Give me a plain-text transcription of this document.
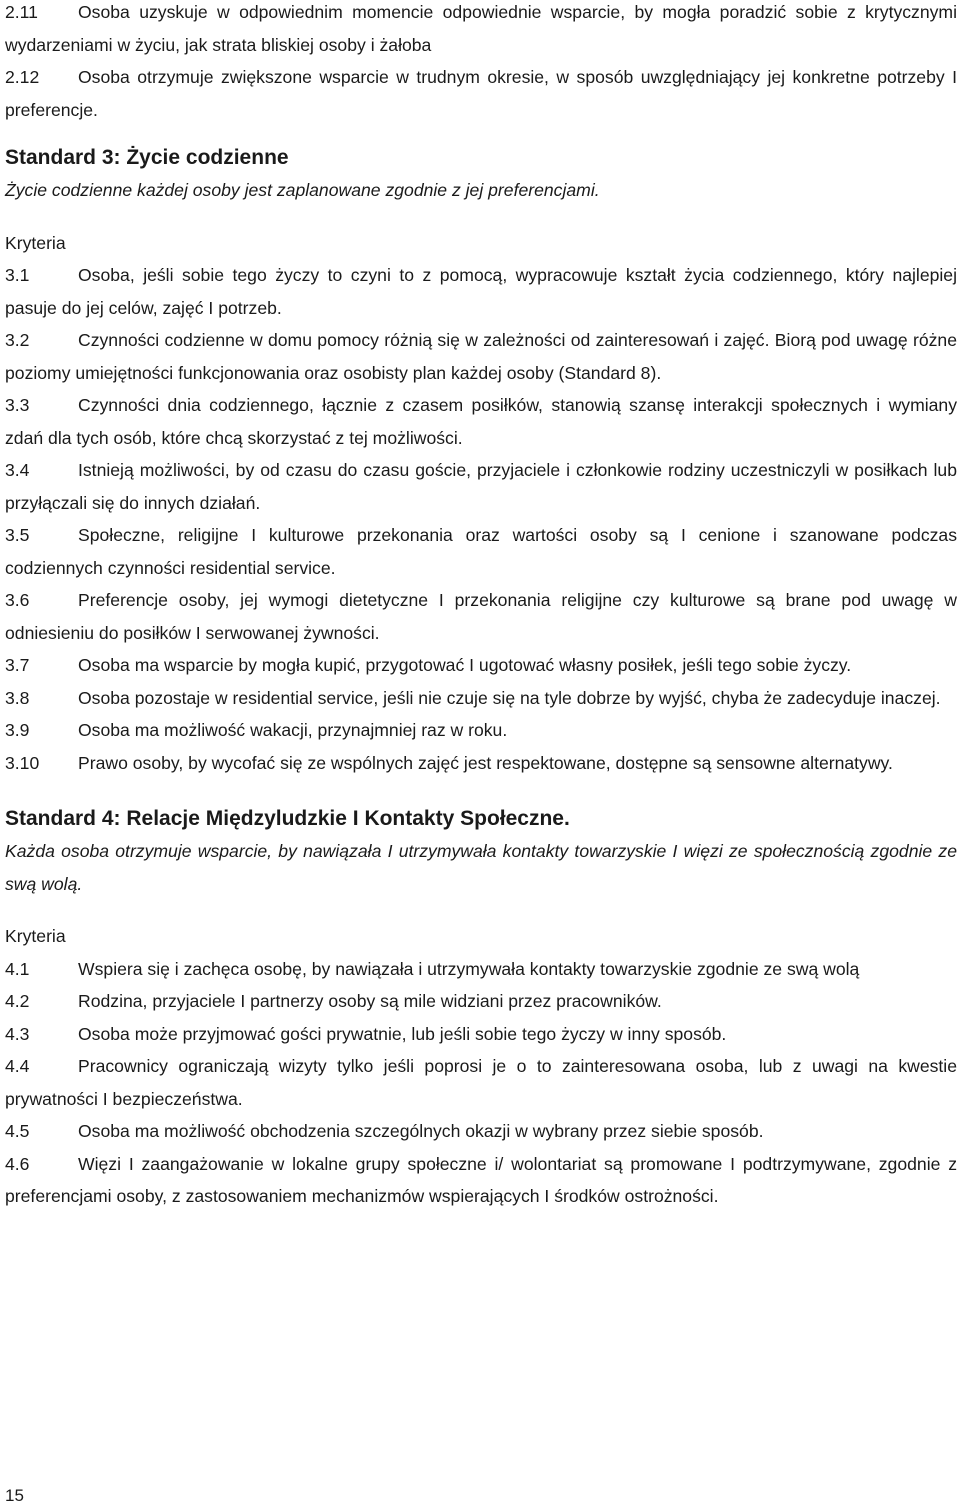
2.11 Osoba uzyskuje w odpowiednim momencie odpowiednie wsparcie, by mogła poradzić sobie z krytycznymi wydarzeniami w życiu, jak strata bliskiej osoby i żałoba

2.12 Osoba otrzymuje zwiększone wsparcie w trudnym okresie, w sposób uwzględniający jej konkretne potrzeby I preferencje.

Standard 3: Życie codzienne

Życie codzienne każdej osoby jest zaplanowane zgodnie z jej preferencjami.

Kryteria

3.1	Osoba, jeśli sobie tego życzy to czyni to z pomocą, wypracowuje kształt życia codziennego, który najlepiej pasuje do jej celów, zajęć I potrzeb.

3.2	Czynności codzienne w domu pomocy różnią się w zależności od zainteresowań i zajęć. Biorą pod uwagę różne poziomy umiejętności funkcjonowania oraz osobisty plan każdej osoby (Standard 8).

3.3	Czynności dnia codziennego, łącznie z czasem posiłków, stanowią szansę interakcji społecznych i wymiany zdań dla tych osób, które chcą skorzystać z tej możliwości.

3.4	Istnieją możliwości, by od czasu do czasu goście, przyjaciele i członkowie rodziny uczestniczyli w posiłkach lub przyłączali się do innych działań.

3.5	Społeczne, religijne I kulturowe przekonania oraz wartości osoby są I cenione i szanowane podczas codziennych czynności residential service.

3.6	Preferencje osoby, jej wymogi dietetyczne I przekonania religijne czy kulturowe są brane pod uwagę w odniesieniu do posiłków I serwowanej żywności.

3.7	Osoba ma wsparcie by mogła kupić, przygotować I ugotować własny posiłek, jeśli tego sobie życzy.

3.8	Osoba pozostaje w residential service, jeśli nie czuje się na tyle dobrze by wyjść, chyba że zadecyduje inaczej.

3.9	Osoba ma możliwość wakacji, przynajmniej raz w roku.

3.10 Prawo osoby, by wycofać się ze wspólnych zajęć jest respektowane, dostępne są sensowne alternatywy.

Standard 4: Relacje Międzyludzkie I Kontakty Społeczne.

Każda osoba otrzymuje wsparcie, by nawiązała I utrzymywała kontakty towarzyskie I więzi ze społecznością zgodnie ze swą wolą.

Kryteria

4.1	Wspiera się i zachęca osobę, by nawiązała i utrzymywała kontakty towarzyskie zgodnie ze swą wolą

4.2	Rodzina, przyjaciele I partnerzy osoby są mile widziani przez pracowników.

4.3	Osoba może przyjmować gości prywatnie, lub jeśli sobie tego życzy w inny sposób.

4.4	Pracownicy ograniczają wizyty tylko jeśli poprosi je o to zainteresowana osoba, lub z uwagi na kwestie prywatności I bezpieczeństwa.

4.5	Osoba ma możliwość obchodzenia szczególnych okazji w wybrany przez siebie sposób.

4.6	Więzi I zaangażowanie w lokalne grupy społeczne i/ wolontariat są promowane I podtrzymywane, zgodnie z preferencjami osoby, z zastosowaniem mechanizmów wspierających I środków ostrożności.

15
